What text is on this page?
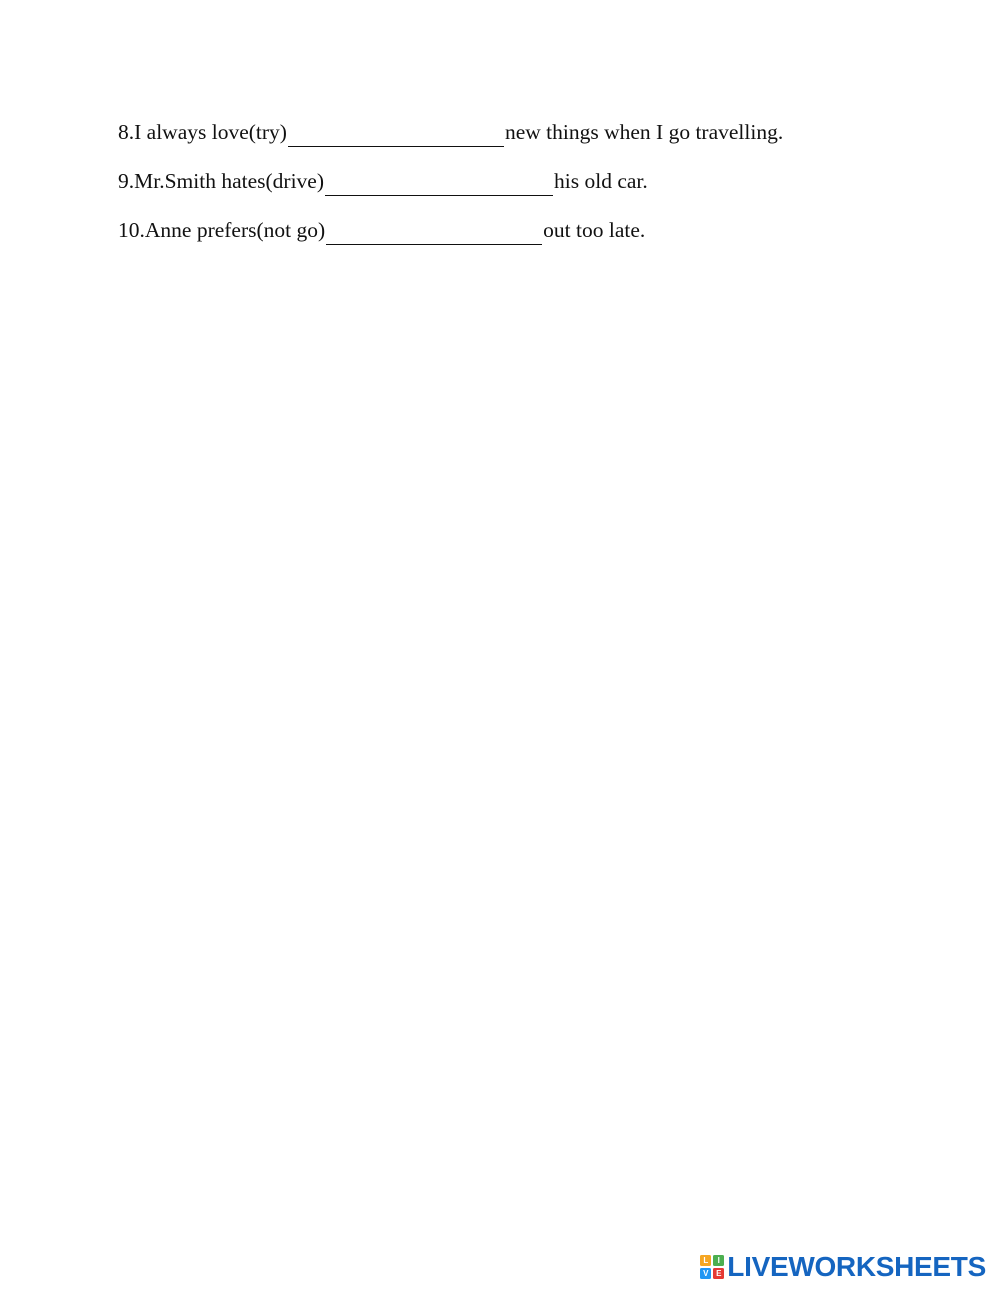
8.I always love(try)	new things when I go travelling.
9.Mr.Smith hates(drive)	his old car.
10.Anne prefers(not go)	out too late.
L	I
V E LIVEWORKSHEETS
